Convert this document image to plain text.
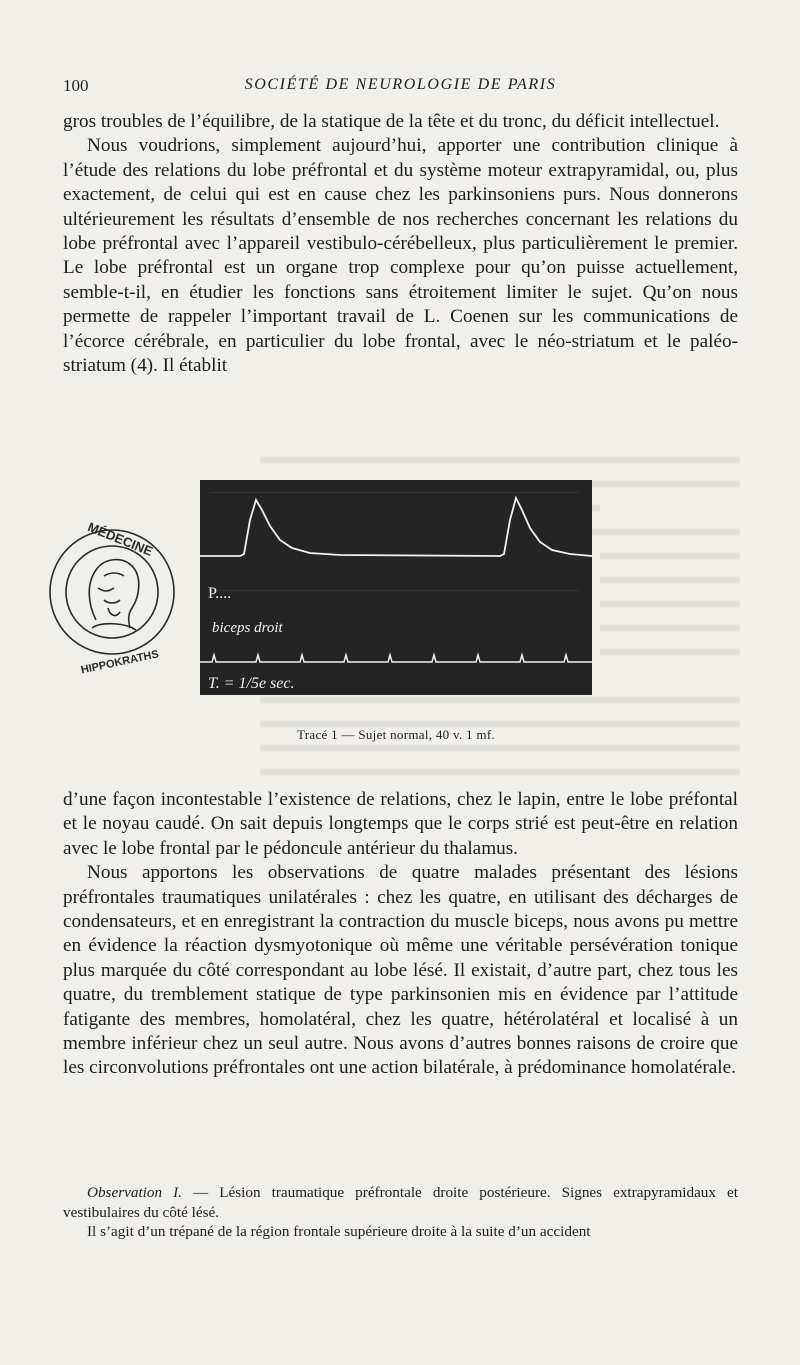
100	SOCIÉTÉ DE NEUROLOGIE DE PARIS

gros troubles de l’équilibre, de la statique de la tête et du tronc, du déficit intellectuel.

Nous voudrions, simplement aujourd’hui, apporter une contribution clinique à l’étude des relations du lobe préfrontal et du système moteur extrapyramidal, ou, plus exactement, de celui qui est en cause chez les parkinsoniens purs. Nous donnerons ultérieurement les résultats d’ensemble de nos recherches concernant les relations du lobe préfrontal avec l’appareil vestibulo-cérébelleux, plus particulièrement le premier. Le lobe préfrontal est un organe trop complexe pour qu’on puisse actuellement, semble-t-il, en étudier les fonctions sans étroitement limiter le sujet. Qu’on nous permette de rappeler l’important travail de L. Coenen sur les communications de l’écorce cérébrale, en particulier du lobe frontal, avec le néo-striatum et le paléo-striatum (4). Il établit

MÉDECINE
HIPPOKRATHS
P....
biceps droit
T. = 1/5e sec.
Tracé 1 — Sujet normal, 40 v. 1 mf.

d’une façon incontestable l’existence de relations, chez le lapin, entre le lobe préfontal et le noyau caudé. On sait depuis longtemps que le corps strié est peut-être en relation avec le lobe frontal par le pédoncule antérieur du thalamus.

Nous apportons les observations de quatre malades présentant des lésions préfrontales traumatiques unilatérales : chez les quatre, en utilisant des décharges de condensateurs, et en enregistrant la contraction du muscle biceps, nous avons pu mettre en évidence la réaction dysmyotonique où même une véritable persévération tonique plus marquée du côté correspondant au lobe lésé. Il existait, d’autre part, chez tous les quatre, du tremblement statique de type parkinsonien mis en évidence par l’attitude fatigante des membres, homolatéral, chez les quatre, hétérolatéral et localisé à un membre inférieur chez un seul autre. Nous avons d’autres bonnes raisons de croire que les circonvolutions préfrontales ont une action bilatérale, à prédominance homolatérale.

Observation I. — Lésion traumatique préfrontale droite postérieure. Signes extrapyramidaux et vestibulaires du côté lésé.

Il s’agit d’un trépané de la région frontale supérieure droite à la suite d’un accident
